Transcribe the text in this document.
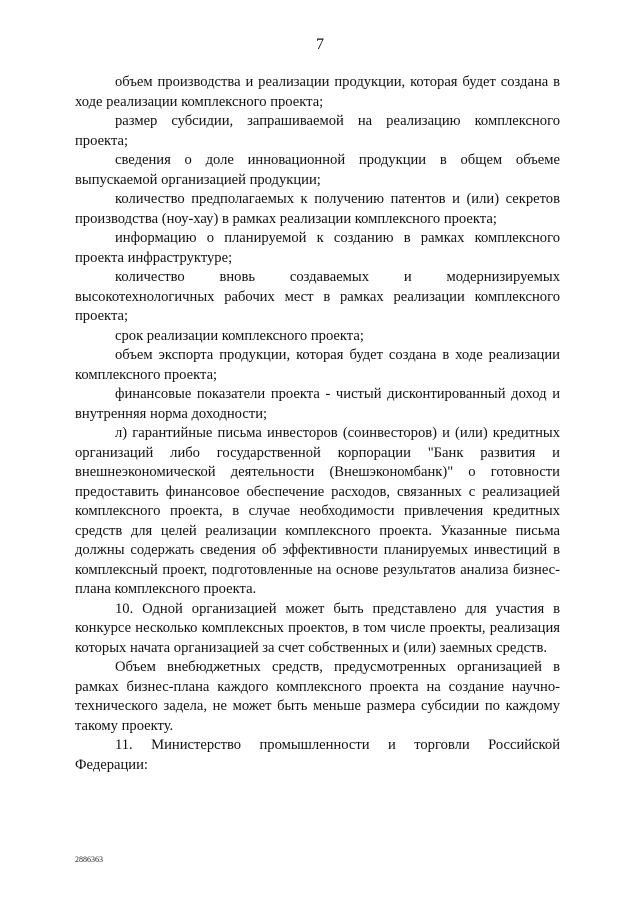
7

объем производства и реализации продукции, которая будет создана в ходе реализации комплексного проекта;

размер субсидии, запрашиваемой на реализацию комплексного проекта;

сведения о доле инновационной продукции в общем объеме выпускаемой организацией продукции;

количество предполагаемых к получению патентов и (или) секретов производства (ноу-хау) в рамках реализации комплексного проекта;

информацию о планируемой к созданию в рамках комплексного проекта инфраструктуре;

количество вновь создаваемых и модернизируемых высокотехнологичных рабочих мест в рамках реализации комплексного проекта;

срок реализации комплексного проекта;

объем экспорта продукции, которая будет создана в ходе реализации комплексного проекта;

финансовые показатели проекта - чистый дисконтированный доход и внутренняя норма доходности;

л) гарантийные письма инвесторов (соинвесторов) и (или) кредитных организаций либо государственной корпорации "Банк развития и внешнеэкономической деятельности (Внешэкономбанк)" о готовности предоставить финансовое обеспечение расходов, связанных с реализацией комплексного проекта, в случае необходимости привлечения кредитных средств для целей реализации комплексного проекта. Указанные письма должны содержать сведения об эффективности планируемых инвестиций в комплексный проект, подготовленные на основе результатов анализа бизнес-плана комплексного проекта.

10. Одной организацией может быть представлено для участия в конкурсе несколько комплексных проектов, в том числе проекты, реализация которых начата организацией за счет собственных и (или) заемных средств.

Объем внебюджетных средств, предусмотренных организацией в рамках бизнес-плана каждого комплексного проекта на создание научно-технического задела, не может быть меньше размера субсидии по каждому такому проекту.

11. Министерство промышленности и торговли Российской Федерации:

2886363
